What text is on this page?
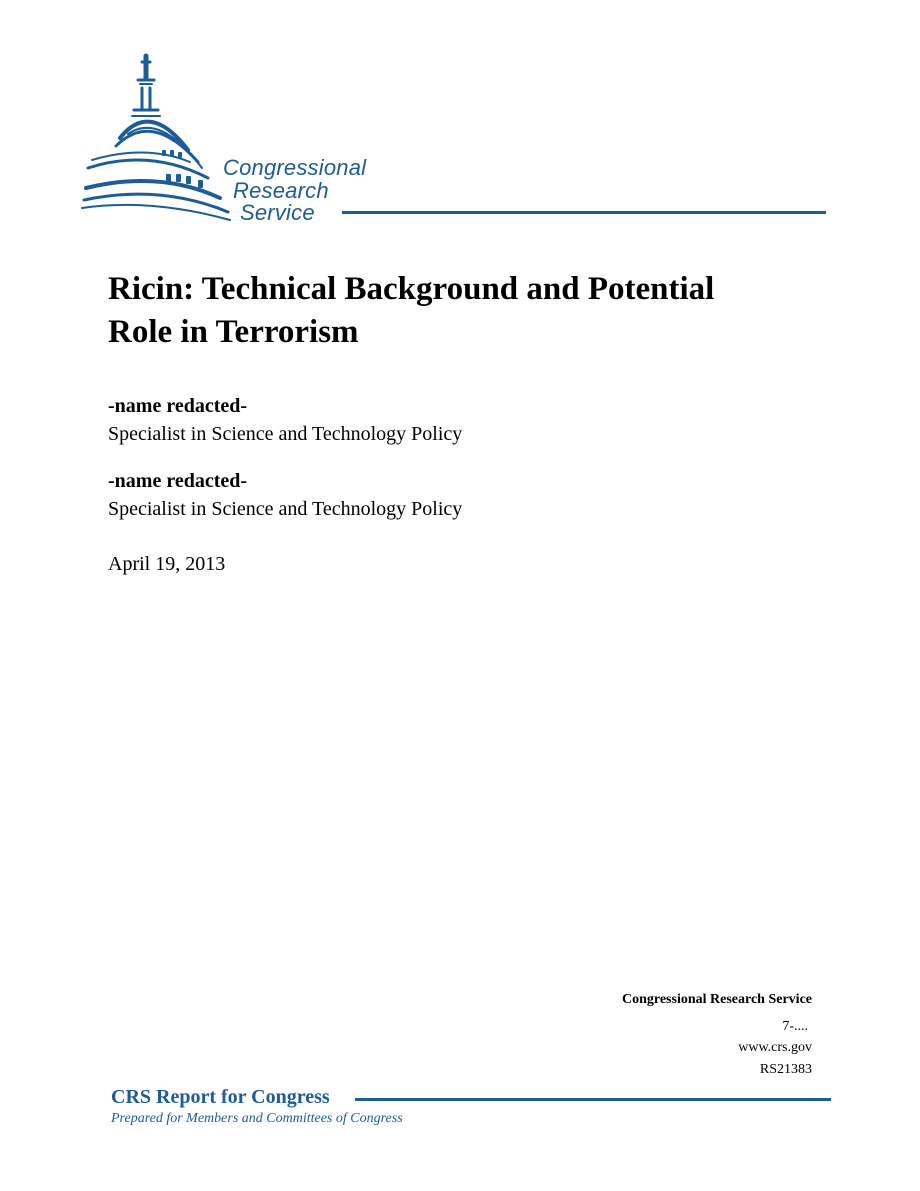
Congressional
Research
Service
Ricin: Technical Background and Potential
Role in Terrorism
-name redacted-
Specialist in Science and Technology Policy
-name redacted-
Specialist in Science and Technology Policy
April 19, 2013
Congressional Research Service
7-....
www.crs.gov
RS21383
CRS Report for Congress
Prepared for Members and Committees of Congress
